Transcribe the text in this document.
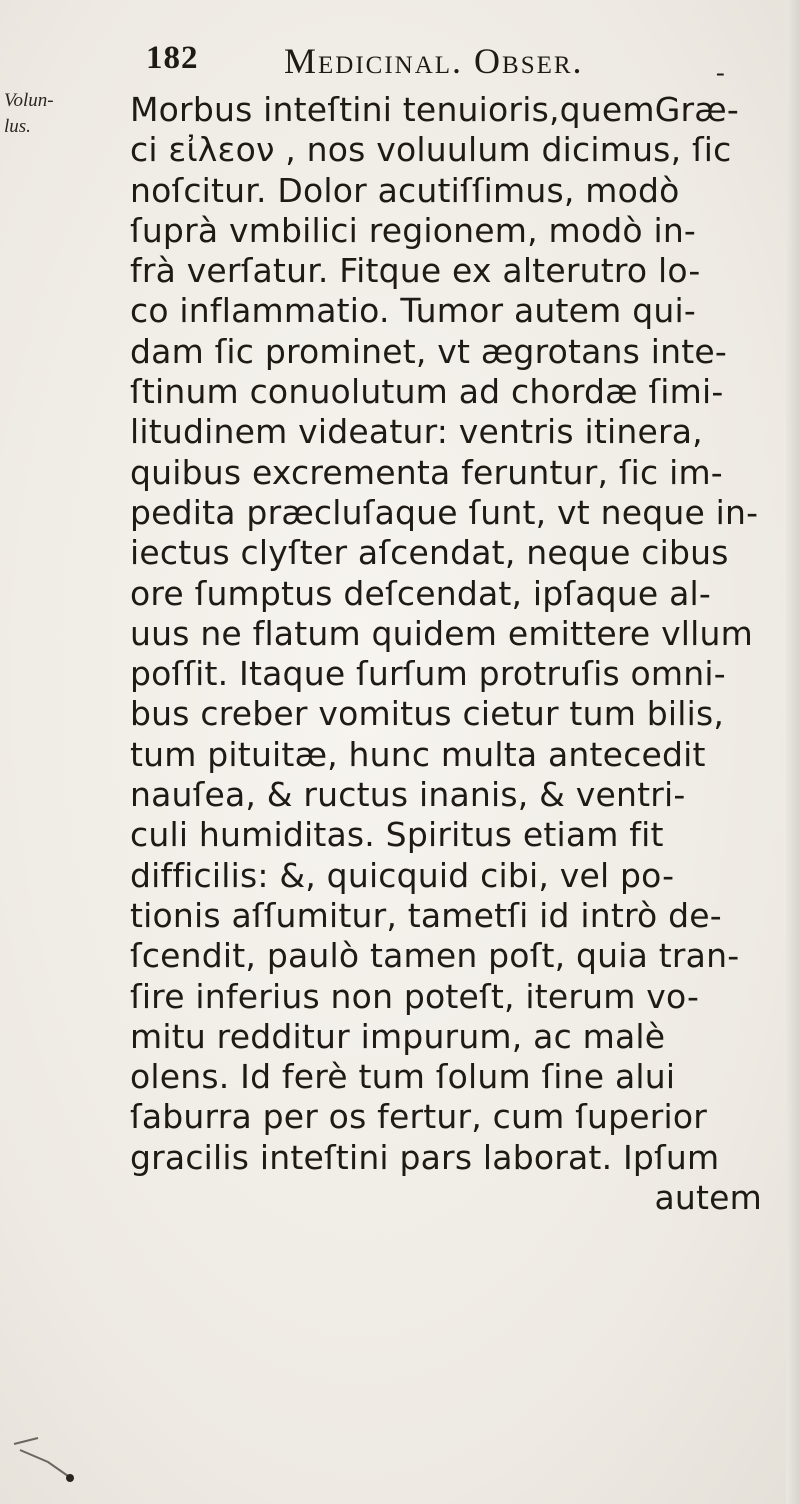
182 Medicinal. Obser.	-
Volun-
lus.	Morbus inteſtini tenuioris,quemGræ-
ci εἰλεον , nos voluulum dicimus, ſic
noſcitur. Dolor acutiſſimus, modò
ſuprà vmbilici regionem, modò in-
frà verſatur. Fitque ex alterutro lo-
co inflammatio. Tumor autem qui-
dam ſic prominet, vt ægrotans inte-
ſtinum conuolutum ad chordæ ſimi-
litudinem videatur: ventris itinera,
quibus excrementa feruntur, ſic im-
pedita præcluſaque ſunt, vt neque in-
iectus clyſter aſcendat, neque cibus
ore ſumptus deſcendat, ipſaque al-
uus ne flatum quidem emittere vllum
poſſit. Itaque ſurſum protruſis omni-
bus creber vomitus cietur tum bilis,
tum pituitæ, hunc multa antecedit
nauſea, & ructus inanis, & ventri-
culi humiditas. Spiritus etiam fit
difficilis: &, quicquid cibi, vel po-
tionis aſſumitur, tametſi id intrò de-
ſcendit, paulò tamen poſt, quia tran-
ſire inferius non poteſt, iterum vo-
mitu redditur impurum, ac malè
olens. Id ferè tum ſolum ſine alui
ſaburra per os fertur, cum ſuperior
gracilis inteſtini pars laborat. Ipſum
autem
